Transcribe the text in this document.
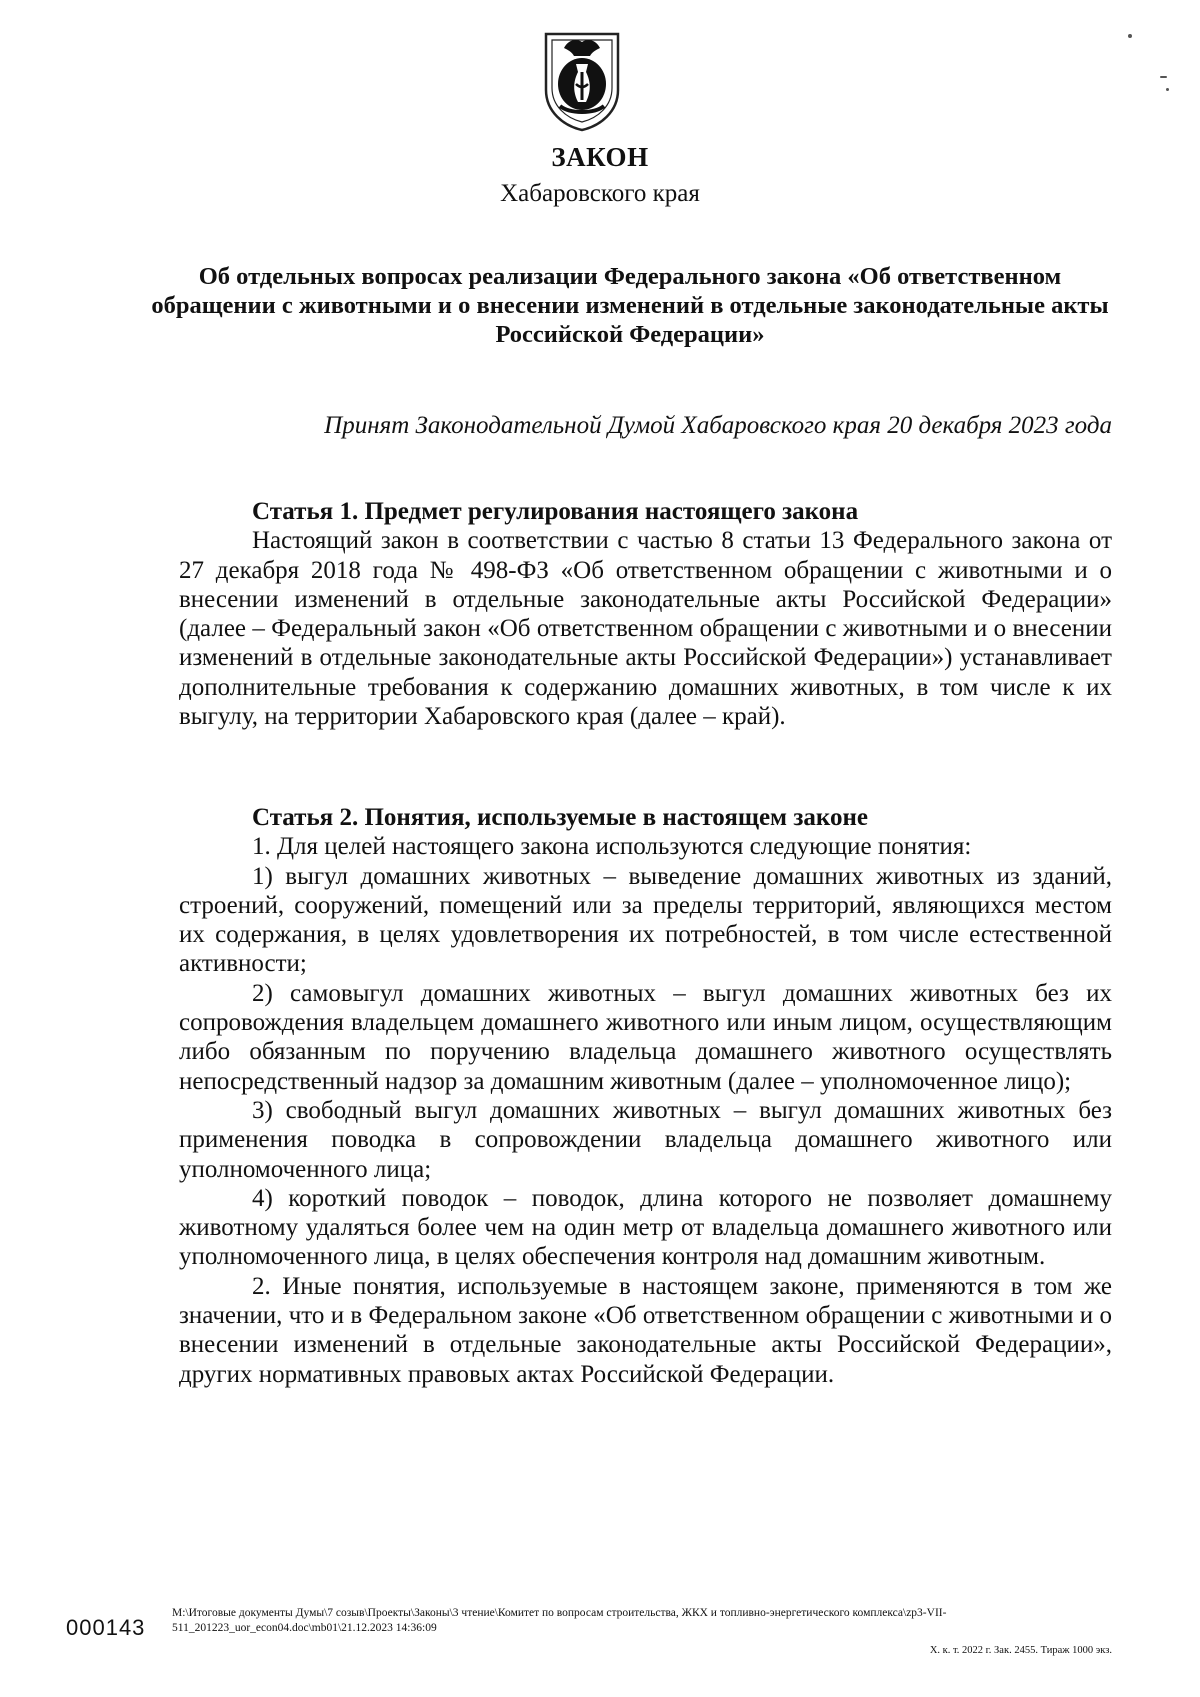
ЗАКОН
Хабаровского края
Об отдельных вопросах реализации Федерального закона «Об ответственном обращении с животными и о внесении изменений в отдельные законодательные акты Российской Федерации»
Принят Законодательной Думой Хабаровского края 20 декабря 2023 года

Статья 1. Предмет регулирования настоящего закона

Настоящий закон в соответствии с частью 8 статьи 13 Федерального закона от 27 декабря 2018 года № 498-ФЗ «Об ответственном обращении с животными и о внесении изменений в отдельные законодательные акты Российской Федерации» (далее – Федеральный закон «Об ответственном обращении с животными и о внесении изменений в отдельные законодательные акты Российской Федерации») устанавливает дополнительные требования к содержанию домашних животных, в том числе к их выгулу, на территории Хабаровского края (далее – край).

Статья 2. Понятия, используемые в настоящем законе

1. Для целей настоящего закона используются следующие понятия:

1) выгул домашних животных – выведение домашних животных из зданий, строений, сооружений, помещений или за пределы территорий, являющихся местом их содержания, в целях удовлетворения их потребностей, в том числе естественной активности;

2) самовыгул домашних животных – выгул домашних животных без их сопровождения владельцем домашнего животного или иным лицом, осуществляющим либо обязанным по поручению владельца домашнего животного осуществлять непосредственный надзор за домашним животным (далее – уполномоченное лицо);

3) свободный выгул домашних животных – выгул домашних животных без применения поводка в сопровождении владельца домашнего животного или уполномоченного лица;

4) короткий поводок – поводок, длина которого не позволяет домашнему животному удаляться более чем на один метр от владельца домашнего животного или уполномоченного лица, в целях обеспечения контроля над домашним животным.

2. Иные понятия, используемые в настоящем законе, применяются в том же значении, что и в Федеральном законе «Об ответственном обращении с животными и о внесении изменений в отдельные законодательные акты Российской Федерации», других нормативных правовых актах Российской Федерации.

000143
M:\Итоговые документы Думы\7 созыв\Проекты\Законы\3 чтение\Комитет по вопросам строительства, ЖКХ и топливно-энергетического комплекса\zp3-VII-511_201223_uor_econ04.doc\mb01\21.12.2023 14:36:09
Х. к. т. 2022 г. Зак. 2455. Тираж 1000 экз.
